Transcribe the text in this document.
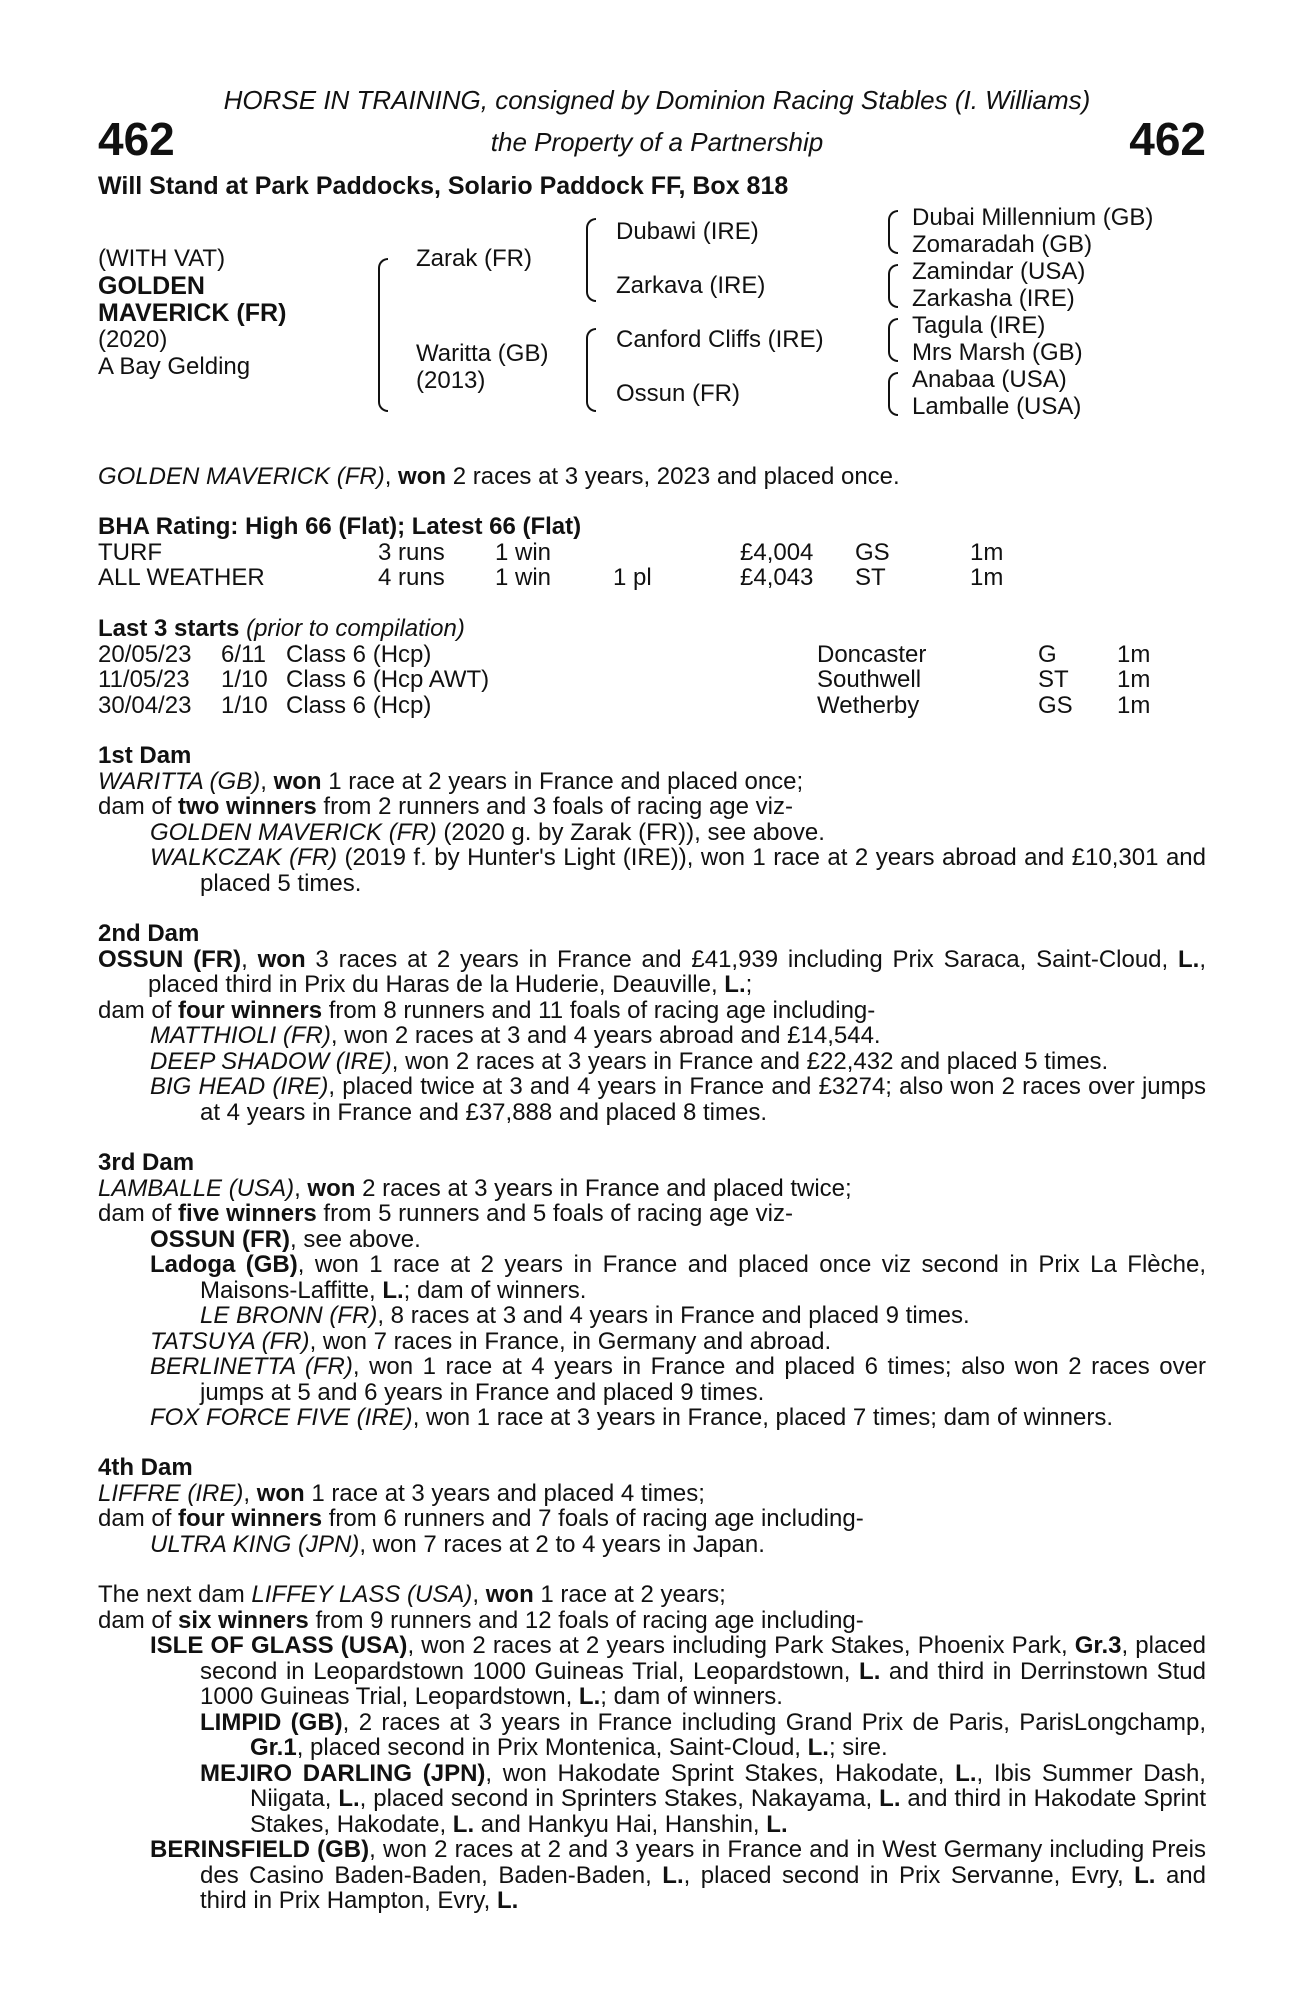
462	462
HORSE IN TRAINING, consigned by Dominion Racing Stables (I. Williams)
the Property of a Partnership
Will Stand at Park Paddocks, Solario Paddock FF, Box 818
(WITH VAT)
GOLDEN
MAVERICK (FR)
(2020)
A Bay Gelding
Zarak (FR)
Waritta (GB)
(2013)
Dubawi (IRE)
Zarkava (IRE)
Canford Cliffs (IRE)
Ossun (FR)
Dubai Millennium (GB)
Zomaradah (GB)
Zamindar (USA)
Zarkasha (IRE)
Tagula (IRE)
Mrs Marsh (GB)
Anabaa (USA)
Lamballe (USA)

GOLDEN MAVERICK (FR), won 2 races at 3 years, 2023 and placed once.

BHA Rating: High 66 (Flat); Latest 66 (Flat)

TURF	3 runs	1 win		£4,004	GS	1m
ALL WEATHER	4 runs	1 win	1 pl	£4,043	ST	1m

Last 3 starts (prior to compilation)

20/05/23	6/11	Class 6 (Hcp)	Doncaster	G	1m
11/05/23	1/10	Class 6 (Hcp AWT)	Southwell	ST	1m
30/04/23	1/10	Class 6 (Hcp)	Wetherby	GS	1m

1st Dam

WARITTA (GB), won 1 race at 2 years in France and placed once;

dam of two winners from 2 runners and 3 foals of racing age viz-

GOLDEN MAVERICK (FR) (2020 g. by Zarak (FR)), see above.

WALKCZAK (FR) (2019 f. by Hunter's Light (IRE)), won 1 race at 2 years abroad and £10,301 and placed 5 times.

2nd Dam

OSSUN (FR), won 3 races at 2 years in France and £41,939 including Prix Saraca, Saint-Cloud, L., placed third in Prix du Haras de la Huderie, Deauville, L.;

dam of four winners from 8 runners and 11 foals of racing age including-

MATTHIOLI (FR), won 2 races at 3 and 4 years abroad and £14,544.

DEEP SHADOW (IRE), won 2 races at 3 years in France and £22,432 and placed 5 times.

BIG HEAD (IRE), placed twice at 3 and 4 years in France and £3274; also won 2 races over jumps at 4 years in France and £37,888 and placed 8 times.

3rd Dam

LAMBALLE (USA), won 2 races at 3 years in France and placed twice;

dam of five winners from 5 runners and 5 foals of racing age viz-

OSSUN (FR), see above.

Ladoga (GB), won 1 race at 2 years in France and placed once viz second in Prix La Flèche, Maisons-Laffitte, L.; dam of winners.

LE BRONN (FR), 8 races at 3 and 4 years in France and placed 9 times.

TATSUYA (FR), won 7 races in France, in Germany and abroad.

BERLINETTA (FR), won 1 race at 4 years in France and placed 6 times; also won 2 races over jumps at 5 and 6 years in France and placed 9 times.

FOX FORCE FIVE (IRE), won 1 race at 3 years in France, placed 7 times; dam of winners.

4th Dam

LIFFRE (IRE), won 1 race at 3 years and placed 4 times;

dam of four winners from 6 runners and 7 foals of racing age including-

ULTRA KING (JPN), won 7 races at 2 to 4 years in Japan.

The next dam LIFFEY LASS (USA), won 1 race at 2 years;

dam of six winners from 9 runners and 12 foals of racing age including-

ISLE OF GLASS (USA), won 2 races at 2 years including Park Stakes, Phoenix Park, Gr.3, placed second in Leopardstown 1000 Guineas Trial, Leopardstown, L. and third in Derrinstown Stud 1000 Guineas Trial, Leopardstown, L.; dam of winners.

LIMPID (GB), 2 races at 3 years in France including Grand Prix de Paris, ParisLongchamp, Gr.1, placed second in Prix Montenica, Saint-Cloud, L.; sire.

MEJIRO DARLING (JPN), won Hakodate Sprint Stakes, Hakodate, L., Ibis Summer Dash, Niigata, L., placed second in Sprinters Stakes, Nakayama, L. and third in Hakodate Sprint Stakes, Hakodate, L. and Hankyu Hai, Hanshin, L.

BERINSFIELD (GB), won 2 races at 2 and 3 years in France and in West Germany including Preis des Casino Baden-Baden, Baden-Baden, L., placed second in Prix Servanne, Evry, L. and third in Prix Hampton, Evry, L.
